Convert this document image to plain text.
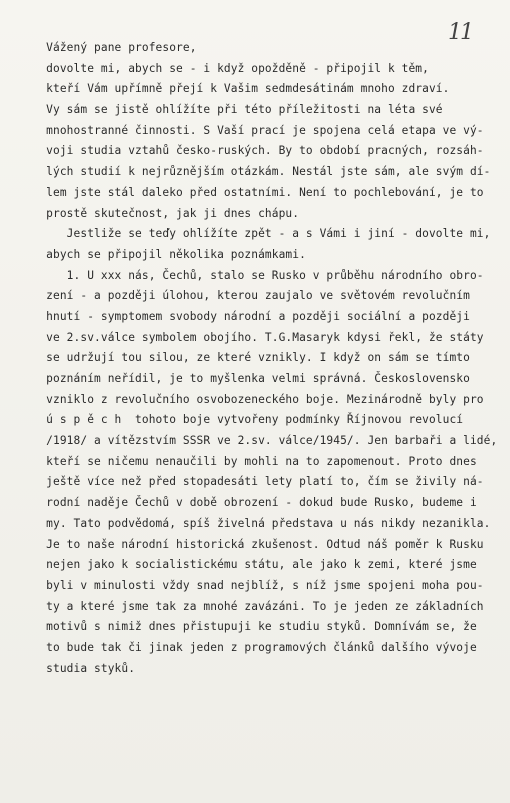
11
Vážený pane profesore,
dovolte mi, abych se - i když opožděně - připojil k těm,
kteří Vám upřímně přejí k Vašim sedmdesátinám mnoho zdraví.
Vy sám se jistě ohlížíte při této příležitosti na léta své
mnohostranné činnosti. S Vaší prací je spojena celá etapa ve vý-
voji studia vztahů česko-ruských. By to období pracných, rozsáh-
lých studií k nejrůznějším otázkám. Nestál jste sám, ale svým dí-
lem jste stál daleko před ostatními. Není to pochlebování, je to
prostě skutečnost, jak ji dnes chápu.
Jestliže se teďy ohlížíte zpět - a s Vámi i jiní - dovolte mi,
abych se připojil několika poznámkami.
1. U xxx nás, Čechů, stalo se Rusko v průběhu národního obro-
zení - a později úlohou, kterou zaujalo ve světovém revolučním
hnutí - symptomem svobody národní a později sociální a později
ve 2.sv.válce symbolem obojího. T.G.Masaryk kdysi řekl, že státy
se udržují tou silou, ze které vznikly. I když on sám se tímto
poznáním neřídil, je to myšlenka velmi správná. Československo
vzniklo z revolučního osvobozeneckého boje. Mezinárodně byly pro
ú s p ě c h  tohoto boje vytvořeny podmínky Říjnovou revolucí
/1918/ a vítězstvím SSSR ve 2.sv. válce/1945/. Jen barbaři a lidé,
kteří se ničemu nenaučili by mohli na to zapomenout. Proto dnes
ještě více než před stopadesáti lety platí to, čím se živily ná-
rodní naděje Čechů v době obrození - dokud bude Rusko, budeme i
my. Tato podvědomá, spíš živelná představa u nás nikdy nezanikla.
Je to naše národní historická zkušenost. Odtud náš poměr k Rusku
nejen jako k socialistickému státu, ale jako k zemi, které jsme
byli v minulosti vždy snad nejblíž, s níž jsme spojeni moha pou-
ty a které jsme tak za mnohé zavázáni. To je jeden ze základních
motivů s nimiž dnes přistupuji ke studiu styků. Domnívám se, že
to bude tak či jinak jeden z programových článků dalšího vývoje
studia styků.
